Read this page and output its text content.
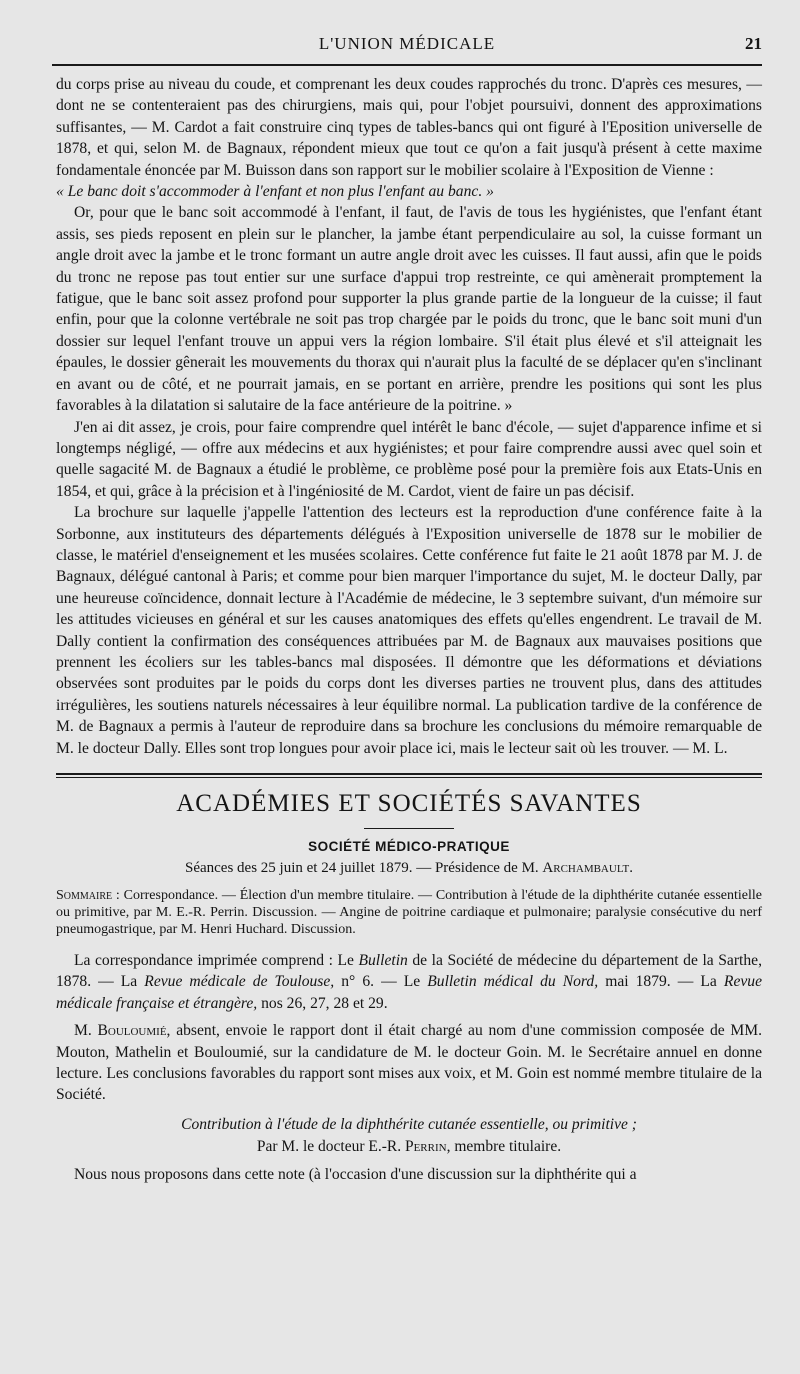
L'UNION MÉDICALE	21

du corps prise au niveau du coude, et comprenant les deux coudes rapprochés du tronc. D'après ces mesures, — dont ne se contenteraient pas des chirurgiens, mais qui, pour l'objet poursuivi, donnent des approximations suffisantes, — M. Cardot a fait construire cinq types de tables-bancs qui ont figuré à l'Eposition universelle de 1878, et qui, selon M. de Bagnaux, répondent mieux que tout ce qu'on a fait jusqu'à présent à cette maxime fondamentale énoncée par M. Buisson dans son rapport sur le mobilier scolaire à l'Exposition de Vienne :

« Le banc doit s'accommoder à l'enfant et non plus l'enfant au banc. »

Or, pour que le banc soit accommodé à l'enfant, il faut, de l'avis de tous les hygiénistes, que l'enfant étant assis, ses pieds reposent en plein sur le plancher, la jambe étant perpendiculaire au sol, la cuisse formant un angle droit avec la jambe et le tronc formant un autre angle droit avec les cuisses. Il faut aussi, afin que le poids du tronc ne repose pas tout entier sur une surface d'appui trop restreinte, ce qui amènerait promptement la fatigue, que le banc soit assez profond pour supporter la plus grande partie de la longueur de la cuisse; il faut enfin, pour que la colonne vertébrale ne soit pas trop chargée par le poids du tronc, que le banc soit muni d'un dossier sur lequel l'enfant trouve un appui vers la région lombaire. S'il était plus élevé et s'il atteignait les épaules, le dossier gênerait les mouvements du thorax qui n'aurait plus la faculté de se déplacer qu'en s'inclinant en avant ou de côté, et ne pourrait jamais, en se portant en arrière, prendre les positions qui sont les plus favorables à la dilatation si salutaire de la face antérieure de la poitrine. »

J'en ai dit assez, je crois, pour faire comprendre quel intérêt le banc d'école, — sujet d'apparence infime et si longtemps négligé, — offre aux médecins et aux hygiénistes; et pour faire comprendre aussi avec quel soin et quelle sagacité M. de Bagnaux a étudié le problème, ce problème posé pour la première fois aux Etats-Unis en 1854, et qui, grâce à la précision et à l'ingéniosité de M. Cardot, vient de faire un pas décisif.

La brochure sur laquelle j'appelle l'attention des lecteurs est la reproduction d'une conférence faite à la Sorbonne, aux instituteurs des départements délégués à l'Exposition universelle de 1878 sur le mobilier de classe, le matériel d'enseignement et les musées scolaires. Cette conférence fut faite le 21 août 1878 par M. J. de Bagnaux, délégué cantonal à Paris; et comme pour bien marquer l'importance du sujet, M. le docteur Dally, par une heureuse coïncidence, donnait lecture à l'Académie de médecine, le 3 septembre suivant, d'un mémoire sur les attitudes vicieuses en général et sur les causes anatomiques des effets qu'elles engendrent. Le travail de M. Dally contient la confirmation des conséquences attribuées par M. de Bagnaux aux mauvaises positions que prennent les écoliers sur les tables-bancs mal disposées. Il démontre que les déformations et déviations observées sont produites par le poids du corps dont les diverses parties ne trouvent plus, dans des attitudes irrégulières, les soutiens naturels nécessaires à leur équilibre normal. La publication tardive de la conférence de M. de Bagnaux a permis à l'auteur de reproduire dans sa brochure les conclusions du mémoire remarquable de M. le docteur Dally. Elles sont trop longues pour avoir place ici, mais le lecteur sait où les trouver. — M. L.

ACADÉMIES ET SOCIÉTÉS SAVANTES
SOCIÉTÉ MÉDICO-PRATIQUE
Séances des 25 juin et 24 juillet 1879. — Présidence de M. Archambault.
Sommaire : Correspondance. — Élection d'un membre titulaire. — Contribution à l'étude de la diphthérite cutanée essentielle ou primitive, par M. E.-R. Perrin. Discussion. — Angine de poitrine cardiaque et pulmonaire; paralysie consécutive du nerf pneumogastrique, par M. Henri Huchard. Discussion.

La correspondance imprimée comprend : Le Bulletin de la Société de médecine du département de la Sarthe, 1878. — La Revue médicale de Toulouse, n° 6. — Le Bulletin médical du Nord, mai 1879. — La Revue médicale française et étrangère, nos 26, 27, 28 et 29.

M. Bouloumié, absent, envoie le rapport dont il était chargé au nom d'une commission composée de MM. Mouton, Mathelin et Bouloumié, sur la candidature de M. le docteur Goin. M. le Secrétaire annuel en donne lecture. Les conclusions favorables du rapport sont mises aux voix, et M. Goin est nommé membre titulaire de la Société.

Contribution à l'étude de la diphthérite cutanée essentielle, ou primitive ;
Par M. le docteur E.-R. Perrin, membre titulaire.

Nous nous proposons dans cette note (à l'occasion d'une discussion sur la diphthérite qui a
